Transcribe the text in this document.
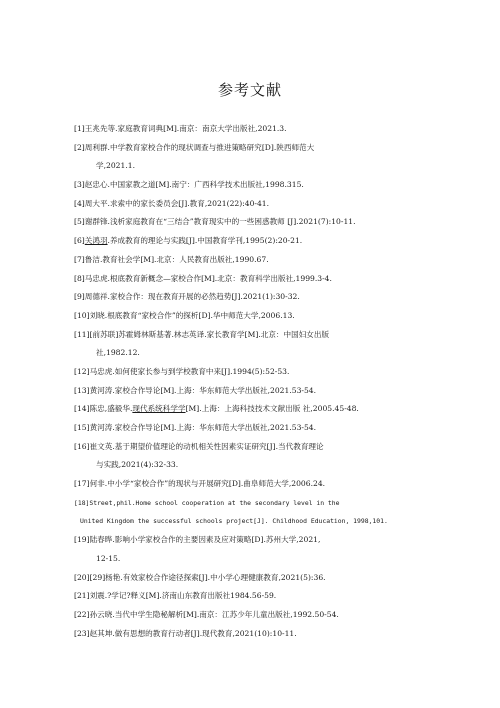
参考文献
[1]王兆先等.家庭教育词典[M].南京：南京大学出版社,2021.3.
[2]周利群.中学教育家校合作的现状调查与推进策略研究[D].陕西师范大
学,2021.1.
[3]赵忠心.中国家教之道[M].南宁：广西科学技术出版社,1998.315.
[4]周大平.求索中的家长委员会[J].教育,2021(22):40-41.
[5]谢群锋.浅析家庭教育在“三结合”教育现实中的一些困惑教师 [J].2021(7):10-11.
[6]关鸿羽.养成教育的理论与实践[J].中国教育学刊,1995(2):20-21.
[7]鲁洁.教育社会学[M].北京：人民教育出版社,1990.67.
[8]马忠虎.根底教育新概念—家校合作[M].北京：教育科学出版社,1999.3-4.
[9]周德祥.家校合作：现在教育开展的必然趋势[J].2021(1):30-32.
[10]刘晓.根底教育“家校合作”的探析[D].华中师范大学,2006.13.
[11][前苏联]苏霍姆林斯基著.林志英译.家长教育学[M].北京：中国妇女出版
社,1982.12.
[12]马忠虎.如何使家长参与到学校教育中来[J].1994(5):52-53.
[13]黄河涛.家校合作导论[M].上海：华东师范大学出版社,2021.53-54.
[14]陈忠,盛毅华.现代系统科学学[M].上海：上海科技技术文献出版 社,2005.45-48.
[15]黄河涛.家校合作导论[M].上海：华东师范大学出版社,2021.53-54.
[16]崔文英.基于期望价值理论的动机相关性因素实证研究[J].当代教育理论
与实践,2021(4):32-33.
[17]何非.中小学“家校合作”的现状与开展研究[D].曲阜师范大学,2006.24.
[18]Street,phil.Home school cooperation at the secondary level in the
United Kingdom the successful schools project[J]. Childhood Education, 1998,101.
[19]陆春晔.影响小学家校合作的主要因素及应对策略[D].苏州大学,2021,
12-15.
[20][29]杨艳.有效家校合作途径探索[J].中小学心理健康教育,2021(5):36.
[21]刘震.?学记?释义[M].济南山东教育出版社1984.56-59.
[22]孙云晓.当代中学生隐秘解析[M].南京：江苏少年儿童出版社,1992.50-54.
[23]赵其坤.做有思想的教育行动者[J].现代教育,2021(10):10-11.
